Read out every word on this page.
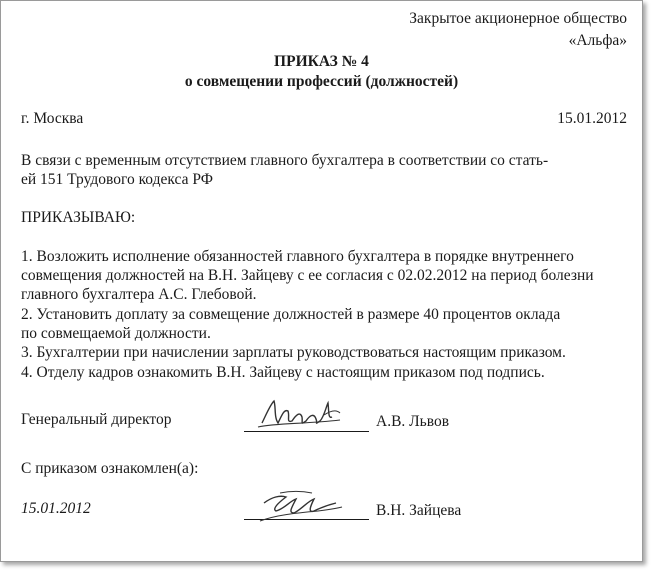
Закрытое акционерное общество
«Альфа»
ПРИКАЗ № 4
о совмещении профессий (должностей)
г. Москва	15.01.2012
В связи с временным отсутствием главного бухгалтера в соответствии со стать-
ей 151 Трудового кодекса РФ
ПРИКАЗЫВАЮ:
1. Возложить исполнение обязанностей главного бухгалтера в порядке внутреннего
совмещения должностей на В.Н. Зайцеву с ее согласия с 02.02.2012 на период болезни
главного бухгалтера А.С. Глебовой.
2. Установить доплату за совмещение должностей в размере 40 процентов оклада
по совмещаемой должности.
3. Бухгалтерии при начислении зарплаты руководствоваться настоящим приказом.
4. Отделу кадров ознакомить В.Н. Зайцеву с настоящим приказом под подпись.
Генеральный директор	А.В. Львов
С приказом ознакомлен(а):
15.01.2012	В.Н. Зайцева
